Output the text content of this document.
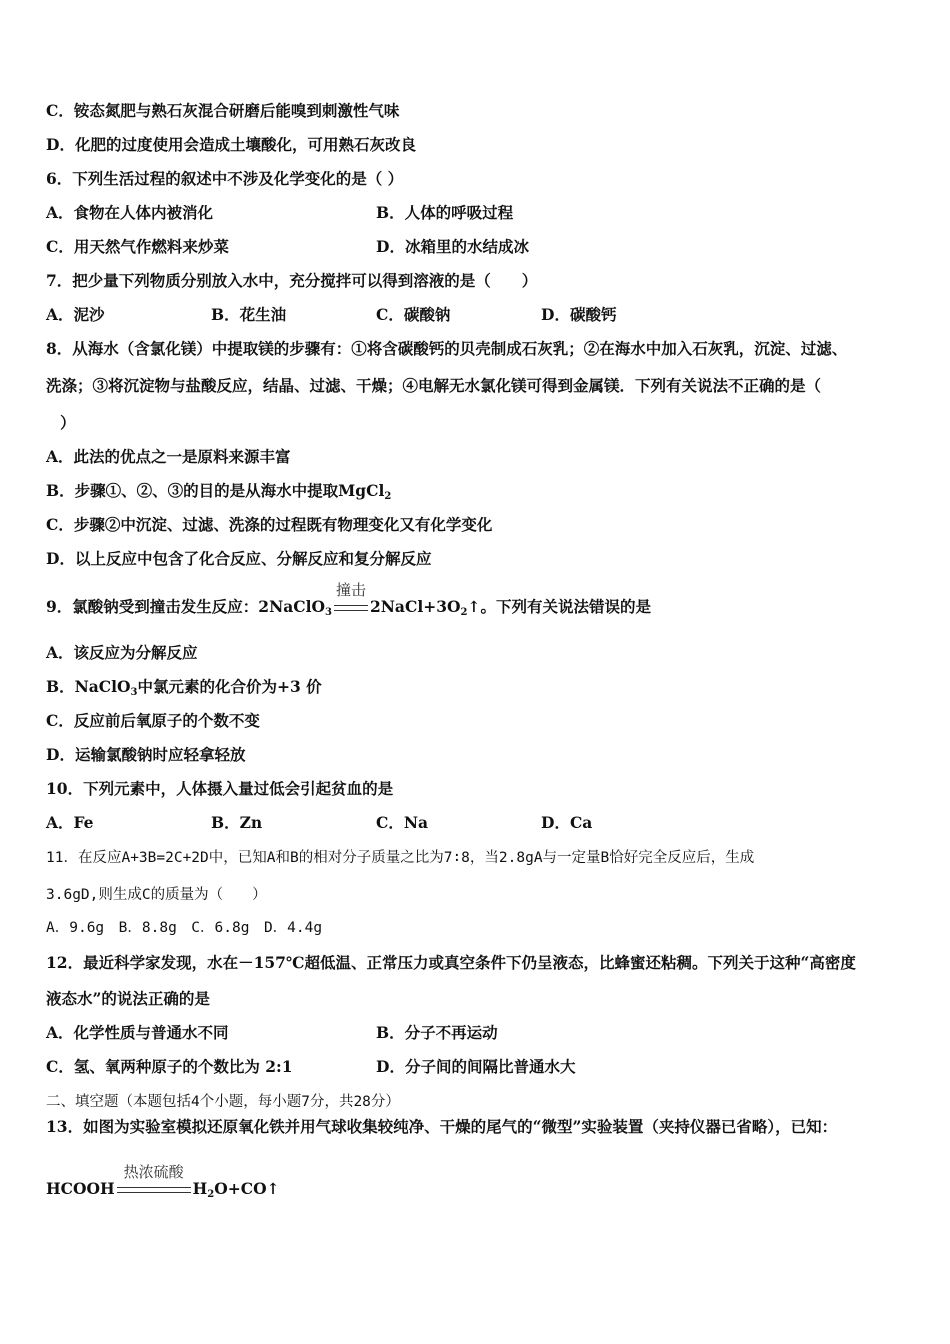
C．铵态氮肥与熟石灰混合研磨后能嗅到刺激性气味
D．化肥的过度使用会造成土壤酸化，可用熟石灰改良
6．下列生活过程的叙述中不涉及化学变化的是（ ）
A．食物在人体内被消化	B．人体的呼吸过程
C．用天然气作燃料来炒菜	D．冰箱里的水结成冰
7．把少量下列物质分别放入水中，充分搅拌可以得到溶液的是（　　）
A．泥沙	B．花生油	C．碳酸钠	D．碳酸钙
8．从海水（含氯化镁）中提取镁的步骤有：①将含碳酸钙的贝壳制成石灰乳；②在海水中加入石灰乳，沉淀、过滤、
洗涤；③将沉淀物与盐酸反应，结晶、过滤、干燥；④电解无水氯化镁可得到金属镁．下列有关说法不正确的是（
）
A．此法的优点之一是原料来源丰富
B．步骤①、②、③的目的是从海水中提取MgCl$_2$
C．步骤②中沉淀、过滤、洗涤的过程既有物理变化又有化学变化
D．以上反应中包含了化合反应、分解反应和复分解反应
9．氯酸钠受到撞击发生反应：2NaClO$_3$
撞击
$2NaCl+3O_2↑$。下列有关说法错误的是
A．该反应为分解反应
B．NaClO$_3$中氯元素的化合价为+3 价
C．反应前后氧原子的个数不变
D．运输氯酸钠时应轻拿轻放
10．下列元素中，人体摄入量过低会引起贫血的是
A．Fe	B．Zn	C．Na	D．Ca
11．在反应A+3B=2C+2D中，已知A和B的相对分子质量之比为7∶8，当2.8gA与一定量B恰好完全反应后，生成
3.6gD,则生成C的质量为（　　）
A．9.6g　B．8.8g　C．6.8g　D．4.4g
12．最近科学家发现，水在－157℃超低温、正常压力或真空条件下仍呈液态，比蜂蜜还粘稠。下列关于这种“高密度
液态水”的说法正确的是
A．化学性质与普通水不同	B．分子不再运动
C．氢、氧两种原子的个数比为 2:1	D．分子间的间隔比普通水大
二、填空题（本题包括4个小题，每小题7分，共28分）
13．如图为实验室模拟还原氧化铁并用气球收集较纯净、干燥的尾气的“微型”实验装置（夹持仪器已省略），已知：
HCOOH
热浓硫酸
$H_2O+CO↑$
